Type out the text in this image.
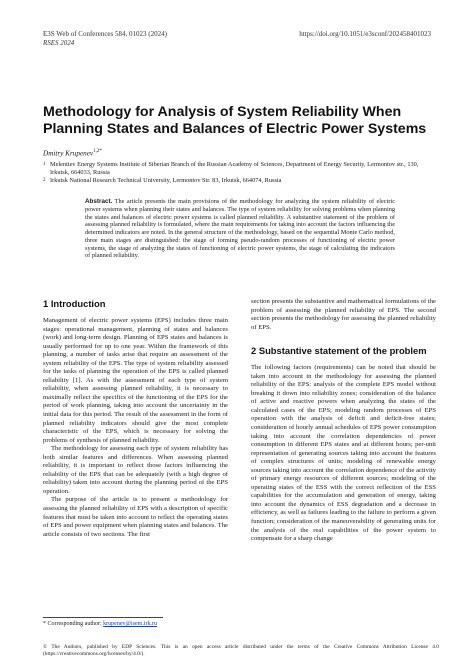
E3S Web of Conferences 584, 01023 (2024)
RSES 2024
https://doi.org/10.1051/e3sconf/202458401023
Methodology for Analysis of System Reliability When Planning States and Balances of Electric Power Systems
Dmitry Krupenev$^{1,2*}$
1 Melentiev Energy Systems Institute of Siberian Branch of the Russian Academy of Sciences, Department of Energy Security, Lermontov str., 130, Irkutsk, 664033, Russia
2 Irkutsk National Research Technical University, Lermontov Str. 83, Irkutsk, 664074, Russia
Abstract. The article presents the main provisions of the methodology for analyzing the system reliability of electric power systems when planning their states and balances. The type of system reliability for solving problems when planning the states and balances of electric power systems is called planned reliability. A substantive statement of the problem of assessing planned reliability is formulated, where the main requirements for taking into account the factors influencing the determined indicators are noted. In the general structure of the methodology, based on the sequential Monte Carlo method, three main stages are distinguished: the stage of forming pseudo-random processes of functioning of electric power systems, the stage of analyzing the states of functioning of electric power systems, the stage of calculating the indicators of planned reliability.
1 Introduction

Management of electric power systems (EPS) includes three main stages: operational management, planning of states and balances (work) and long-term design. Planning of EPS states and balances is usually performed for up to one year. Within the framework of this planning, a number of tasks arise that require an assessment of the system reliability of the EPS. The type of system reliability assessed for the tasks of planning the operation of the EPS is called planned reliability [1]. As with the assessment of each type of system reliability, when assessing planned reliability, it is necessary to maximally reflect the specifics of the functioning of the EPS for the period of work planning, taking into account the uncertainty in the initial data for this period. The result of the assessment in the form of planned reliability indicators should give the most complete characteristic of the EPS, which is necessary for solving the problems of synthesis of planned reliability.

The methodology for assessing each type of system reliability has both similar features and differences. When assessing planned reliability, it is important to reflect those factors influencing the reliability of the EPS that can be adequately (with a high degree of reliability) taken into account during the planning period of the EPS operation.

The purpose of the article is to present a methodology for assessing the planned reliability of EPS with a description of specific features that must be taken into account to reflect the operating states of EPS and power equipment when planning states and balances. The article consists of two sections. The first

section presents the substantive and mathematical formulations of the problem of assessing the planned reliability of EPS. The second section presents the methodology for assessing the planned reliability of EPS.

2 Substantive statement of the problem

The following factors (requirements) can be noted that should be taken into account in the methodology for assessing the planned reliability of the EPS: analysis of the complete EPS model without breaking it down into reliability zones; consideration of the balance of active and reactive powers when analyzing the states of the calculated cases of the EPS; modeling random processes of EPS operation with the analysis of deficit and deficit-free states; consideration of hourly annual schedules of EPS power consumption taking into account the correlation dependencies of power consumption in different EPS states and at different hours; per-unit representation of generating sources taking into account the features of complex structures of units; modeling of renewable energy sources taking into account the correlation dependence of the activity of primary energy resources of different sources; modeling of the operating states of the ESS with the correct reflection of the ESS capabilities for the accumulation and generation of energy, taking into account the dynamics of ESS degradation and a decrease in efficiency, as well as failures leading to the failure to perform a given function; consideration of the maneuverability of generating units for the analysis of the real capabilities of the power system to compensate for a sharp change

* Corresponding author: krupenev@isem.irk.ru
© The Authors, published by EDP Sciences. This is an open access article distributed under the terms of the Creative Commons Attribution License 4.0 (https://creativecommons.org/licenses/by/4.0/).
